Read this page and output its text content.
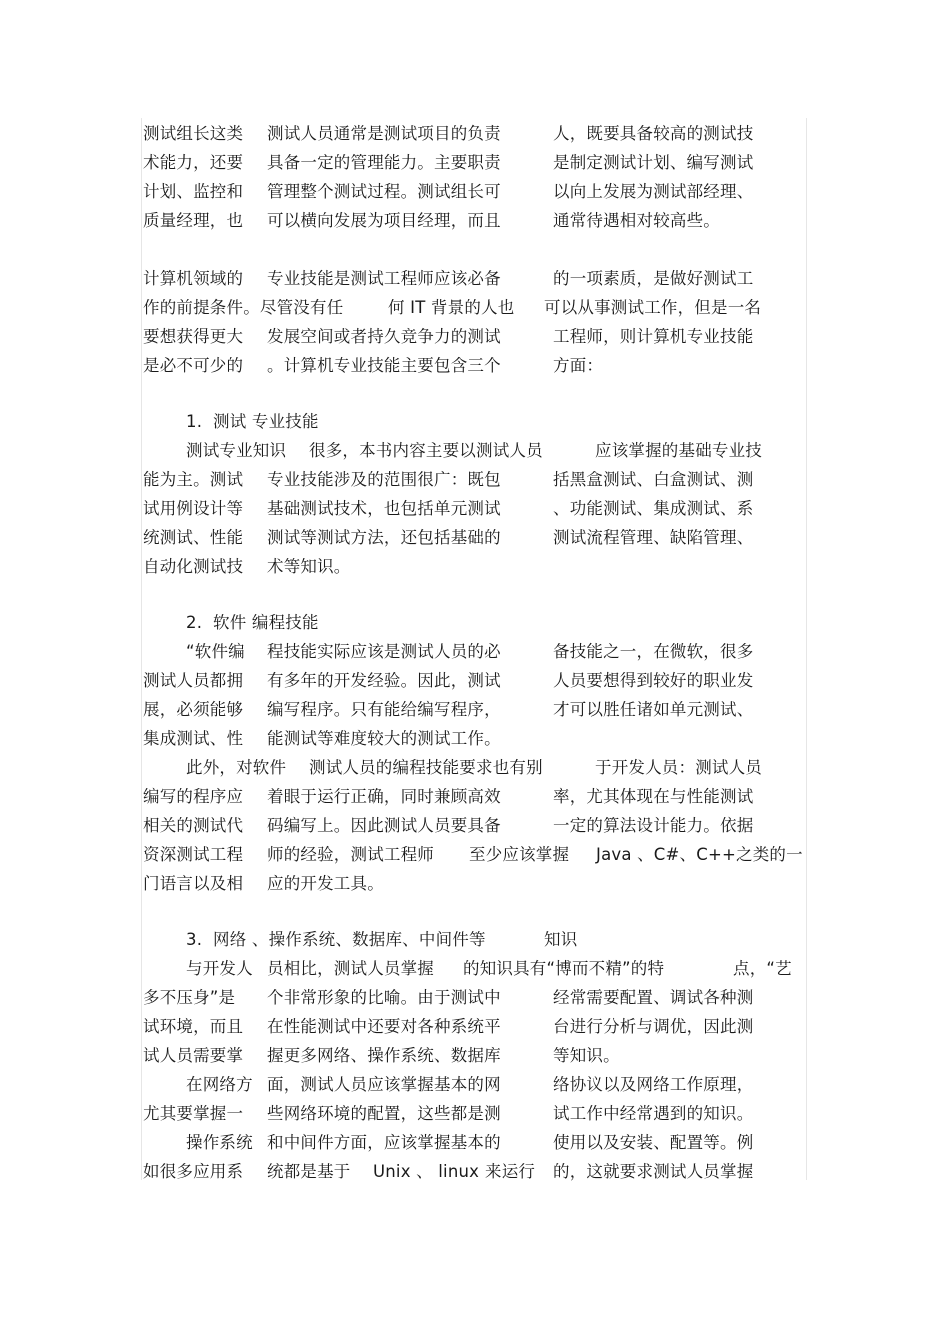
测试组长这类 测试人员通常是测试项目的负责	人，既要具备较高的测试技
术能力，还要 具备一定的管理能力。主要职责	是制定测试计划、编写测试
计划、监控和 管理整个测试过程。测试组长可	以向上发展为测试部经理、
质量经理，也 可以横向发展为项目经理，而且	通常待遇相对较高些。
计算机领域的 专业技能是测试工程师应该必备	的一项素质，是做好测试工
作的前提条件。尽管没有任	何 IT 背景的人也 可以从事测试工作，但是一名
要想获得更大 发展空间或者持久竞争力的测试	工程师，则计算机专业技能
是必不可少的 。计算机专业技能主要包含三个	方面：
1.  测试 专业技能
测试专业知识 很多，本书内容主要以测试人员	应该掌握的基础专业技
能为主。测试 专业技能涉及的范围很广：既包	括黑盒测试、白盒测试、测
试用例设计等 基础测试技术，也包括单元测试	、功能测试、集成测试、系
统测试、性能 测试等测试方法，还包括基础的	测试流程管理、缺陷管理、
自动化测试技 术等知识。
2.  软件 编程技能
“软件编 程技能实际应该是测试人员的必	备技能之一，在微软，很多
测试人员都拥 有多年的开发经验。因此，测试	人员要想得到较好的职业发
展，必须能够 编写程序。只有能给编写程序，	才可以胜任诸如单元测试、
集成测试、性 能测试等难度较大的测试工作。
此外，对软件 测试人员的编程技能要求也有别	于开发人员：测试人员
编写的程序应 着眼于运行正确，同时兼顾高效	率，尤其体现在与性能测试
相关的测试代 码编写上。因此测试人员要具备	一定的算法设计能力。依据
资深测试工程 师的经验，测试工程师 至少应该掌握 Java 、C#、C++之类的一
门语言以及相 应的开发工具。
3.  网络 、操作系统、数据库、中间件等	知识
与开发人 员相比，测试人员掌握 的知识具有“博而不精”的特	点，“艺
多不压身”是 个非常形象的比喻。由于测试中	经常需要配置、调试各种测
试环境，而且 在性能测试中还要对各种系统平	台进行分析与调优，因此测
试人员需要掌 握更多网络、操作系统、数据库	等知识。
在网络方 面，测试人员应该掌握基本的网	络协议以及网络工作原理，
尤其要掌握一 些网络环境的配置，这些都是测	试工作中经常遇到的知识。
操作系统 和中间件方面，应该掌握基本的	使用以及安装、配置等。例
如很多应用系 统都是基于 Unix 、 linux 来运行 的，这就要求测试人员掌握
